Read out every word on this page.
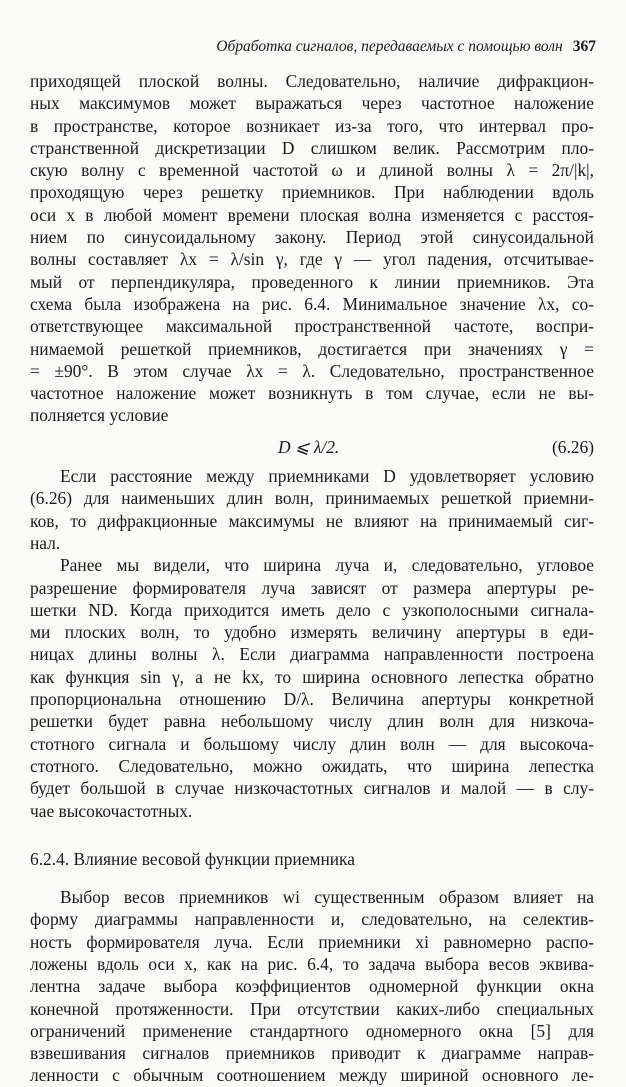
Обработка сигналов, передаваемых с помощью волн 367

приходящей плоской волны. Следовательно, наличие дифракцион-

ных максимумов может выражаться через частотное наложение

в пространстве, которое возникает из-за того, что интервал про-

странственной дискретизации D слишком велик. Рассмотрим пло-

скую волну с временной частотой ω и длиной волны λ = 2π/|k|,

проходящую через решетку приемников. При наблюдении вдоль

оси x в любой момент времени плоская волна изменяется с расстоя-

нием по синусоидальному закону. Период этой синусоидальной

волны составляет λx = λ/sin γ, где γ — угол падения, отсчитывае-

мый от перпендикуляра, проведенного к линии приемников. Эта

схема была изображена на рис. 6.4. Минимальное значение λx, со-

ответствующее максимальной пространственной частоте, воспри-

нимаемой решеткой приемников, достигается при значениях γ =

= ±90°. В этом случае λx = λ. Следовательно, пространственное

частотное наложение может возникнуть в том случае, если не вы-

полняется условие

D ⩽ λ/2.	(6.26)

Если расстояние между приемниками D удовлетворяет условию

(6.26) для наименьших длин волн, принимаемых решеткой приемни-

ков, то дифракционные максимумы не влияют на принимаемый сиг-

нал.

Ранее мы видели, что ширина луча и, следовательно, угловое

разрешение формирователя луча зависят от размера апертуры ре-

шетки ND. Когда приходится иметь дело с узкополосными сигнала-

ми плоских волн, то удобно измерять величину апертуры в еди-

ницах длины волны λ. Если диаграмма направленности построена

как функция sin γ, а не kx, то ширина основного лепестка обратно

пропорциональна отношению D/λ. Величина апертуры конкретной

решетки будет равна небольшому числу длин волн для низкоча-

стотного сигнала и большому числу длин волн — для высокоча-

стотного. Следовательно, можно ожидать, что ширина лепестка

будет большой в случае низкочастотных сигналов и малой — в слу-

чае высокочастотных.

6.2.4. Влияние весовой функции приемника

Выбор весов приемников wi существенным образом влияет на

форму диаграммы направленности и, следовательно, на селектив-

ность формирователя луча. Если приемники xi равномерно распо-

ложены вдоль оси x, как на рис. 6.4, то задача выбора весов эквива-

лентна задаче выбора коэффициентов одномерной функции окна

конечной протяженности. При отсутствии каких-либо специальных

ограничений применение стандартного одномерного окна [5] для

взвешивания сигналов приемников приводит к диаграмме направ-

ленности с обычным соотношением между шириной основного ле-
